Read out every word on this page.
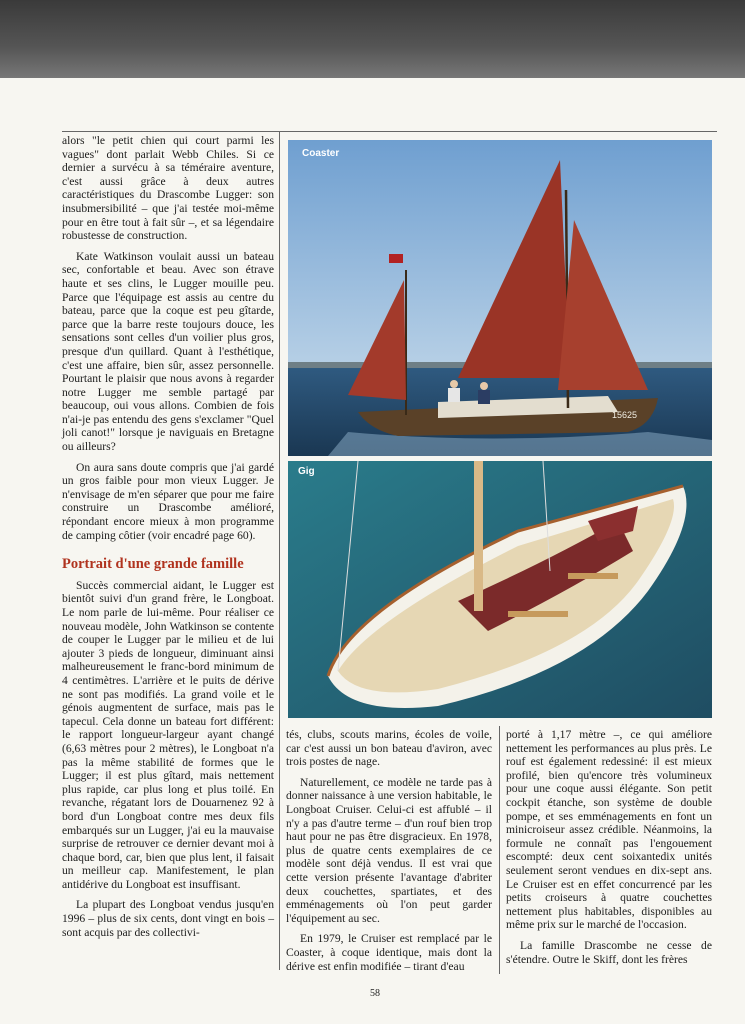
Coaster
15625
Gig

alors "le petit chien qui court parmi les vagues" dont parlait Webb Chiles. Si ce dernier a survécu à sa téméraire aventure, c'est aussi grâce à deux autres caractéristiques du Drascombe Lugger: son insubmersibilité – que j'ai testée moi-même pour en être tout à fait sûr –, et sa légendaire robustesse de construction.

Kate Watkinson voulait aussi un bateau sec, confortable et beau. Avec son étrave haute et ses clins, le Lugger mouille peu. Parce que l'équipage est assis au centre du bateau, parce que la coque est peu gîtarde, parce que la barre reste toujours douce, les sensations sont celles d'un voilier plus gros, presque d'un quillard. Quant à l'esthétique, c'est une affaire, bien sûr, assez personnelle. Pourtant le plaisir que nous avons à regarder notre Lugger me semble partagé par beaucoup, oui vous allons. Combien de fois n'ai-je pas entendu des gens s'exclamer "Quel joli canot!" lorsque je naviguais en Bretagne ou ailleurs?

On aura sans doute compris que j'ai gardé un gros faible pour mon vieux Lugger. Je n'envisage de m'en séparer que pour me faire construire un Drascombe amélioré, répondant encore mieux à mon programme de camping côtier (voir encadré page 60).

Portrait d'une grande famille

Succès commercial aidant, le Lugger est bientôt suivi d'un grand frère, le Longboat. Le nom parle de lui-même. Pour réaliser ce nouveau modèle, John Watkinson se contente de couper le Lugger par le milieu et de lui ajouter 3 pieds de longueur, diminuant ainsi malheureusement le franc-bord minimum de 4 centimètres. L'arrière et le puits de dérive ne sont pas modifiés. La grand voile et le génois augmentent de surface, mais pas le tapecul. Cela donne un bateau fort différent: le rapport longueur-largeur ayant changé (6,63 mètres pour 2 mètres), le Longboat n'a pas la même stabilité de formes que le Lugger; il est plus gîtard, mais nettement plus rapide, car plus long et plus toilé. En revanche, régatant lors de Douarnenez 92 à bord d'un Longboat contre mes deux fils embarqués sur un Lugger, j'ai eu la mauvaise surprise de retrouver ce dernier devant moi à chaque bord, car, bien que plus lent, il faisait un meilleur cap. Manifestement, le plan antidérive du Longboat est insuffisant.

La plupart des Longboat vendus jusqu'en 1996 – plus de six cents, dont vingt en bois – sont acquis par des collectivi-

tés, clubs, scouts marins, écoles de voile, car c'est aussi un bon bateau d'aviron, avec trois postes de nage.

Naturellement, ce modèle ne tarde pas à donner naissance à une version habitable, le Longboat Cruiser. Celui-ci est affublé – il n'y a pas d'autre terme – d'un rouf bien trop haut pour ne pas être disgracieux. En 1978, plus de quatre cents exemplaires de ce modèle sont déjà vendus. Il est vrai que cette version présente l'avantage d'abriter deux couchettes, spartiates, et des emménagements où l'on peut garder l'équipement au sec.

En 1979, le Cruiser est remplacé par le Coaster, à coque identique, mais dont la dérive est enfin modifiée – tirant d'eau

porté à 1,17 mètre –, ce qui améliore nettement les performances au plus près. Le rouf est également redessiné: il est mieux profilé, bien qu'encore très volumineux pour une coque aussi élégante. Son petit cockpit étanche, son système de double pompe, et ses emménagements en font un minicroiseur assez crédible. Néanmoins, la formule ne connaît pas l'engouement escompté: deux cent soixantedix unités seulement seront vendues en dix-sept ans. Le Cruiser est en effet concurrencé par les petits croiseurs à quatre couchettes nettement plus habitables, disponibles au même prix sur le marché de l'occasion.

La famille Drascombe ne cesse de s'étendre. Outre le Skiff, dont les frères

58
